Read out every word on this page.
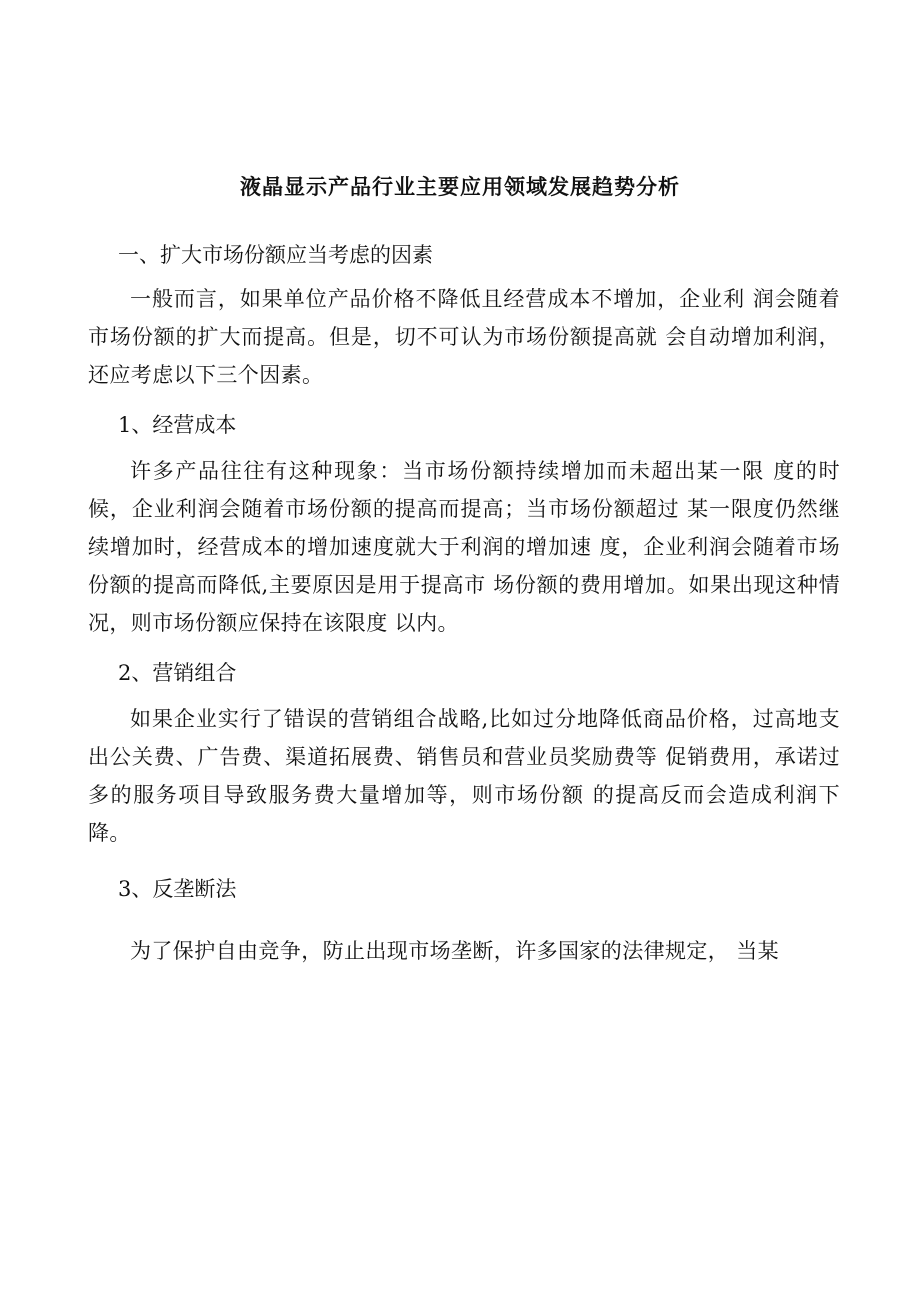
液晶显示产品行业主要应用领域发展趋势分析

一、扩大市场份额应当考虑的因素

一般而言，如果单位产品价格不降低且经营成本不增加，企业利 润会随着市场份额的扩大而提高。但是，切不可认为市场份额提高就 会自动增加利润，还应考虑以下三个因素。

1、经营成本

许多产品往往有这种现象：当市场份额持续增加而未超出某一限 度的时候，企业利润会随着市场份额的提高而提高；当市场份额超过 某一限度仍然继续增加时，经营成本的增加速度就大于利润的增加速 度，企业利润会随着市场份额的提高而降低,主要原因是用于提高市 场份额的费用增加。如果出现这种情况，则市场份额应保持在该限度 以内。

2、营销组合

如果企业实行了错误的营销组合战略,比如过分地降低商品价格，过高地支出公关费、广告费、渠道拓展费、销售员和营业员奖励费等 促销费用，承诺过多的服务项目导致服务费大量增加等，则市场份额 的提高反而会造成利润下降。

3、反垄断法

为了保护自由竞争，防止出现市场垄断，许多国家的法律规定， 当某
